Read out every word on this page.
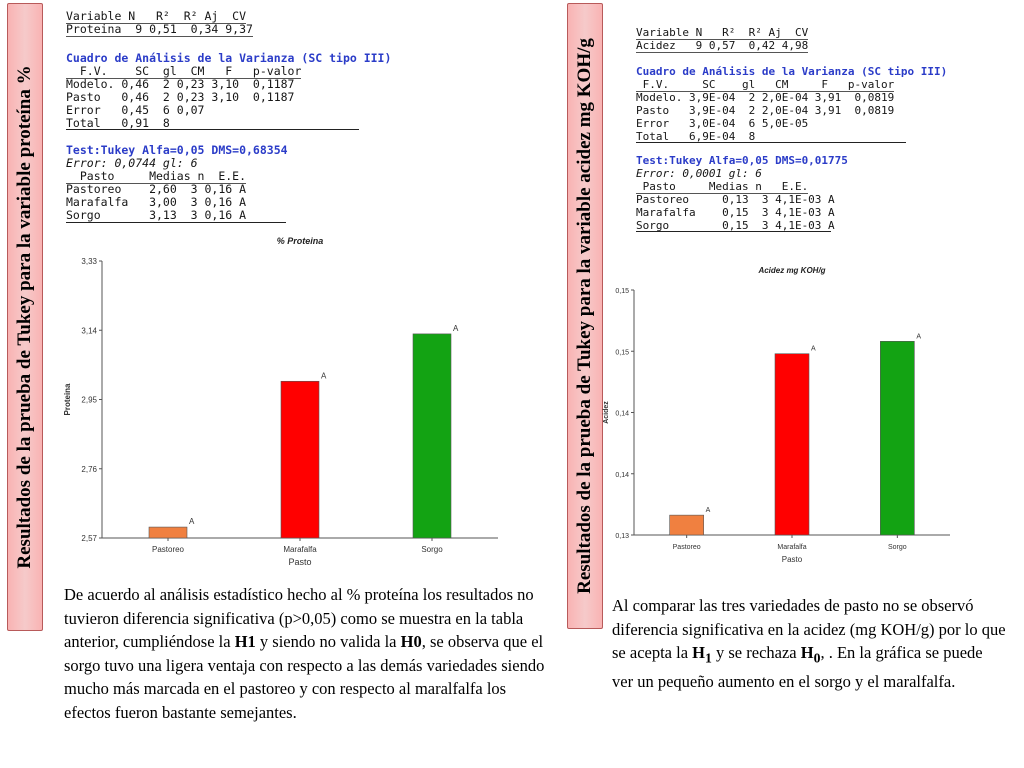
Resultados de la prueba de Tukey para la variable proteína %	Resultados de la prueba de Tukey para la variable acidez mg KOH/g
Variable N   R²  R² Aj  CV
Proteina  9 0,51  0,34 9,37
Cuadro de Análisis de la Varianza (SC tipo III)
F.V.    SC  gl  CM   F   p-valor
Modelo. 0,46  2 0,23 3,10  0,1187
Pasto   0,46  2 0,23 3,10  0,1187
Error   0,45  6 0,07
Total   0,91  8
Test:Tukey Alfa=0,05 DMS=0,68354
Error: 0,0744 gl: 6
Pasto     Medias n  E.E.
Pastoreo    2,60  3 0,16 A
Marafalfa   3,00  3 0,16 A
Sorgo       3,13  3 0,16 A
Variable N   R²  R² Aj  CV
Acidez   9 0,57  0,42 4,98
Cuadro de Análisis de la Varianza (SC tipo III)
F.V.     SC    gl   CM     F   p-valor
Modelo. 3,9E-04  2 2,0E-04 3,91  0,0819
Pasto   3,9E-04  2 2,0E-04 3,91  0,0819
Error   3,0E-04  6 5,0E-05
Total   6,9E-04  8
Test:Tukey Alfa=0,05 DMS=0,01775
Error: 0,0001 gl: 6
Pasto     Medias n   E.E.
Pastoreo     0,13  3 4,1E-03 A
Marafalfa    0,15  3 4,1E-03 A
Sorgo        0,15  3 4,1E-03 A
% Proteina
2,57
2,76
2,95
3,14
3,33
Proteina
A
Pastoreo
A
Marafalfa
A
Sorgo
Pasto
Acidez mg KOH/g
0,13
0,14
0,14
0,15
0,15
Acidez
A
Pastoreo
A
Marafalfa
A
Sorgo
Pasto
De acuerdo al análisis estadístico hecho al % proteína los resultados no tuvieron diferencia significativa (p>0,05) como se muestra en la tabla anterior, cumpliéndose la H1 y siendo no valida la H0, se observa que el sorgo tuvo una ligera ventaja con respecto a las demás variedades siendo mucho más marcada en el pastoreo y con respecto al maralfalfa los efectos fueron bastante semejantes.
Al comparar las tres variedades de pasto no se observó diferencia significativa en la acidez (mg KOH/g) por lo que se acepta la $H_1$ y se rechaza $H_0$, . En la gráfica se puede ver un pequeño aumento en el sorgo y el maralfalfa.
